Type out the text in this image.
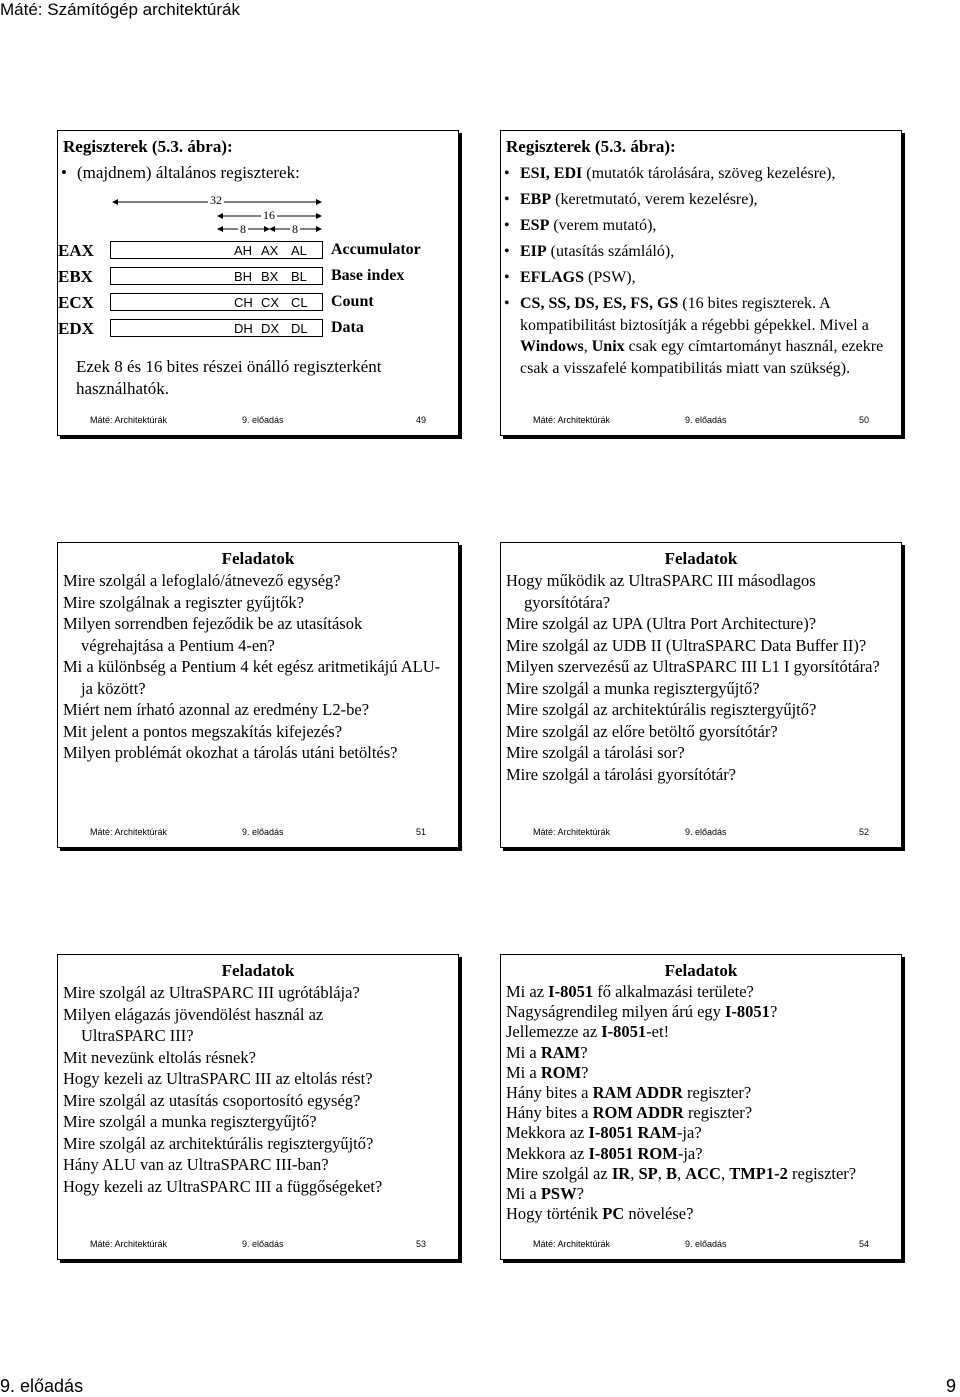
Máté: Számítógép architektúrák
Regiszterek (5.3. ábra):
• (majdnem) általános regiszterek:
32
16
8	8
EAX	AH AX AL Accumulator
EBX	BH BX BL Base index
ECX	CH CX CL Count
EDX	DH DX DL Data
Ezek 8 és 16 bites részei önálló regiszterként használhatók.
Máté: Architektúrák	9. előadás	49
Regiszterek (5.3. ábra):
• ESI, EDI (mutatók tárolására, szöveg kezelésre),
• EBP (keretmutató, verem kezelésre),
• ESP (verem mutató),
• EIP (utasítás számláló),
• EFLAGS (PSW),
• CS, SS, DS, ES, FS, GS (16 bites regiszterek. A kompatibilitást biztosítják a régebbi gépekkel. Mivel a Windows, Unix csak egy címtartományt használ, ezekre csak a visszafelé kompatibilitás miatt van szükség).
Máté: Architektúrák	9. előadás	50
Feladatok
Mire szolgál a lefoglaló/átnevező egység?
Mire szolgálnak a regiszter gyűjtők?
Milyen sorrendben fejeződik be az utasítások végrehajtása a Pentium 4-en?
Mi a különbség a Pentium 4 két egész aritmetikájú ALU-ja között?
Miért nem írható azonnal az eredmény L2-be?
Mit jelent a pontos megszakítás kifejezés?
Milyen problémát okozhat a tárolás utáni betöltés?
Máté: Architektúrák	9. előadás	51
Feladatok
Hogy működik az UltraSPARC III másodlagos gyorsítótára?
Mire szolgál az UPA (Ultra Port Architecture)?
Mire szolgál az UDB II (UltraSPARC Data Buffer II)?
Milyen szervezésű az UltraSPARC III L1 I gyorsítótára?
Mire szolgál a munka regisztergyűjtő?
Mire szolgál az architektúrális regisztergyűjtő?
Mire szolgál az előre betöltő gyorsítótár?
Mire szolgál a tárolási sor?
Mire szolgál a tárolási gyorsítótár?
Máté: Architektúrák	9. előadás	52
Feladatok
Mire szolgál az UltraSPARC III ugrótáblája?
Milyen elágazás jövendölést használ az UltraSPARC III?
Mit nevezünk eltolás résnek?
Hogy kezeli az UltraSPARC III az eltolás rést?
Mire szolgál az utasítás csoportosító egység?
Mire szolgál a munka regisztergyűjtő?
Mire szolgál az architektúrális regisztergyűjtő?
Hány ALU van az UltraSPARC III-ban?
Hogy kezeli az UltraSPARC III a függőségeket?
Máté: Architektúrák	9. előadás	53
Feladatok
Mi az I-8051 fő alkalmazási területe?
Nagyságrendileg milyen árú egy I-8051?
Jellemezze az I-8051-et!
Mi a RAM?
Mi a ROM?
Hány bites a RAM ADDR regiszter?
Hány bites a ROM ADDR regiszter?
Mekkora az I-8051 RAM-ja?
Mekkora az I-8051 ROM-ja?
Mire szolgál az IR, SP, B, ACC, TMP1-2 regiszter?
Mi a PSW?
Hogy történik PC növelése?
Máté: Architektúrák	9. előadás	54
9. előadás	9
